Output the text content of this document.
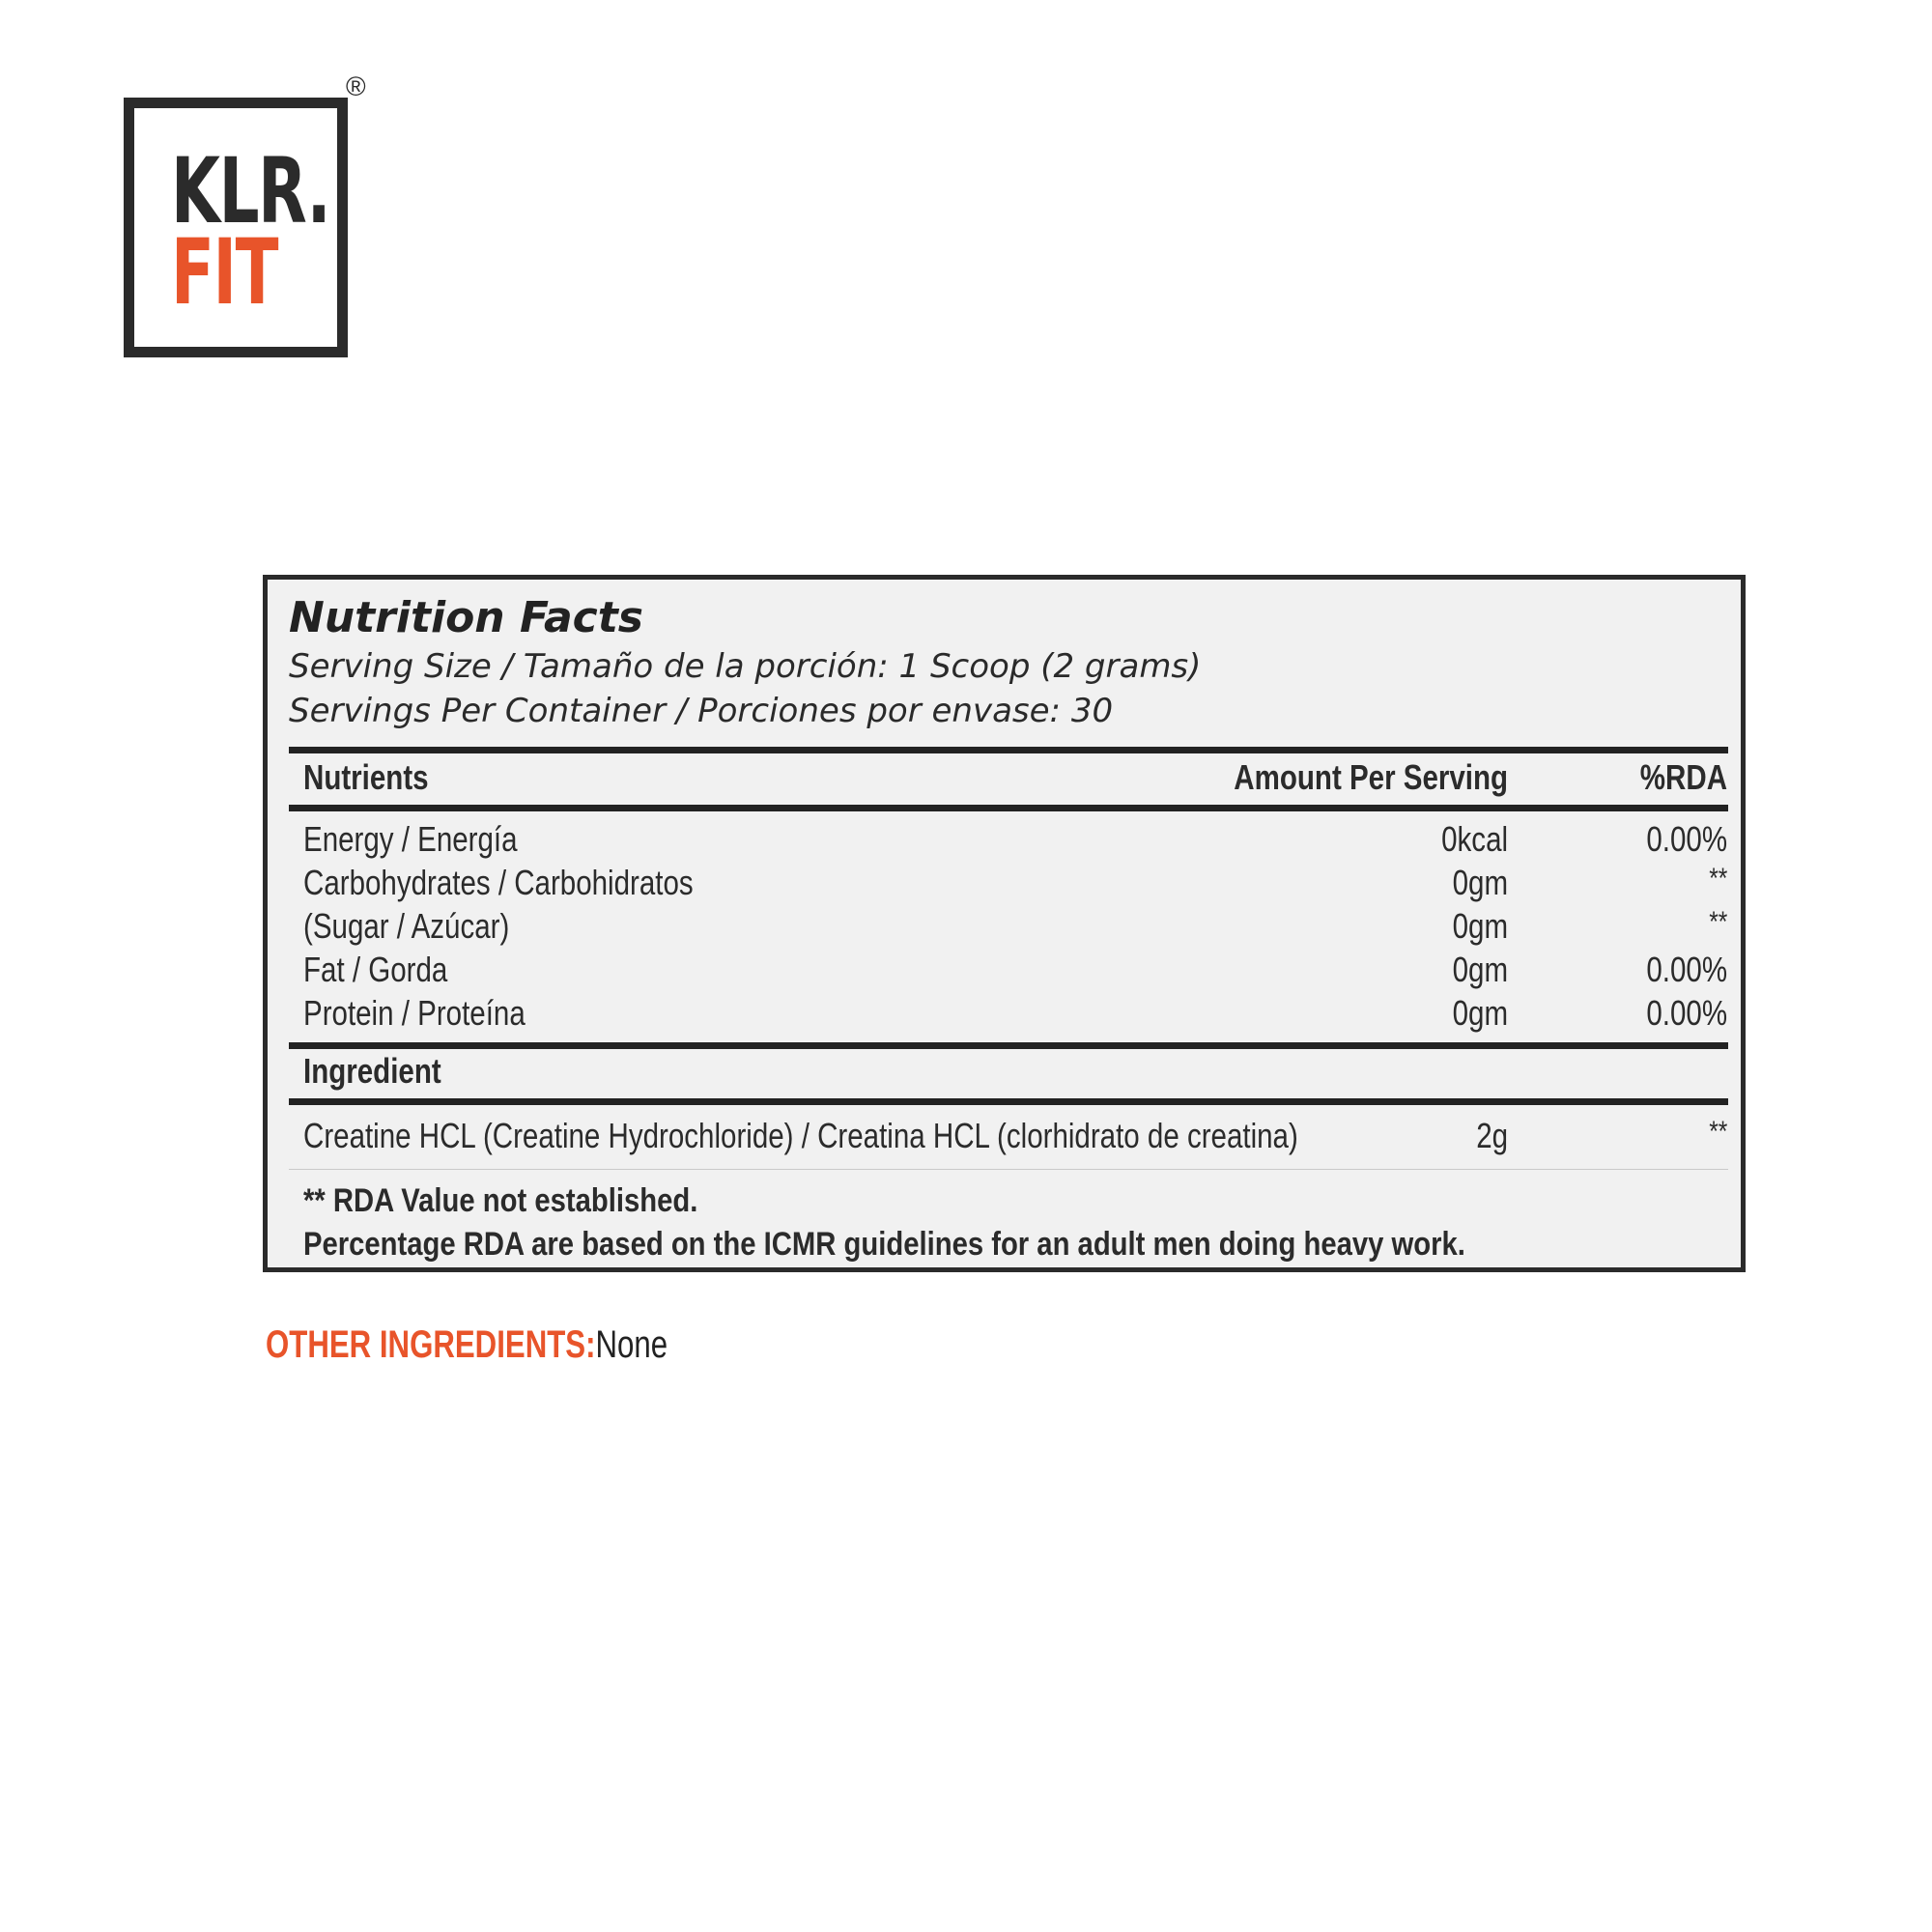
KLR.
FIT
®
Nutrition Facts
Serving Size / Tamaño de la porción: 1 Scoop (2 grams)
Servings Per Container / Porciones por envase: 30
Nutrients	Amount Per Serving	%RDA
Energy / Energía	0kcal	0.00%
Carbohydrates / Carbohidratos	0gm	**
(Sugar / Azúcar)	0gm	**
Fat / Gorda	0gm	0.00%
Protein / Proteína	0gm	0.00%
Ingredient
Creatine HCL (Creatine Hydrochloride) / Creatina HCL (clorhidrato de creatina)	2g	**
** RDA Value not established.
Percentage RDA are based on the ICMR guidelines for an adult men doing heavy work.
OTHER INGREDIENTS:None
